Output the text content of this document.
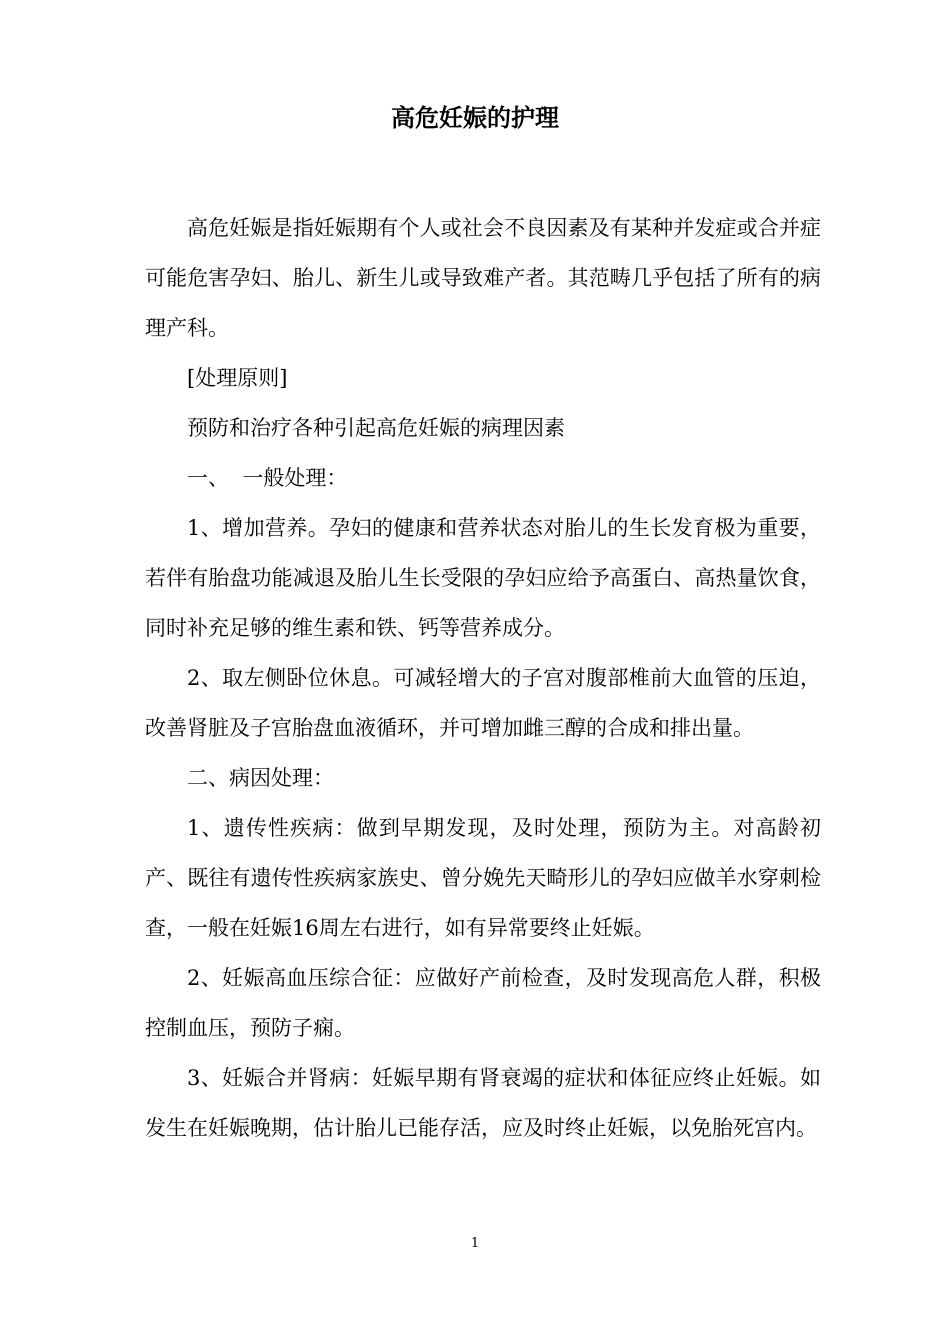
高危妊娠的护理

高危妊娠是指妊娠期有个人或社会不良因素及有某种并发症或合并症可能危害孕妇、胎儿、新生儿或导致难产者。其范畴几乎包括了所有的病理产科。

[处理原则]

预防和治疗各种引起高危妊娠的病理因素

一、  一般处理：

1、增加营养。孕妇的健康和营养状态对胎儿的生长发育极为重要，若伴有胎盘功能减退及胎儿生长受限的孕妇应给予高蛋白、高热量饮食，同时补充足够的维生素和铁、钙等营养成分。

2、取左侧卧位休息。可减轻增大的子宫对腹部椎前大血管的压迫，改善肾脏及子宫胎盘血液循环，并可增加雌三醇的合成和排出量。

二、病因处理：

1、遗传性疾病：做到早期发现，及时处理，预防为主。对高龄初产、既往有遗传性疾病家族史、曾分娩先天畸形儿的孕妇应做羊水穿刺检查，一般在妊娠16周左右进行，如有异常要终止妊娠。

2、妊娠高血压综合征：应做好产前检查，及时发现高危人群，积极控制血压，预防子痫。

3、妊娠合并肾病：妊娠早期有肾衰竭的症状和体征应终止妊娠。如发生在妊娠晚期，估计胎儿已能存活，应及时终止妊娠，以免胎死宫内。

1
